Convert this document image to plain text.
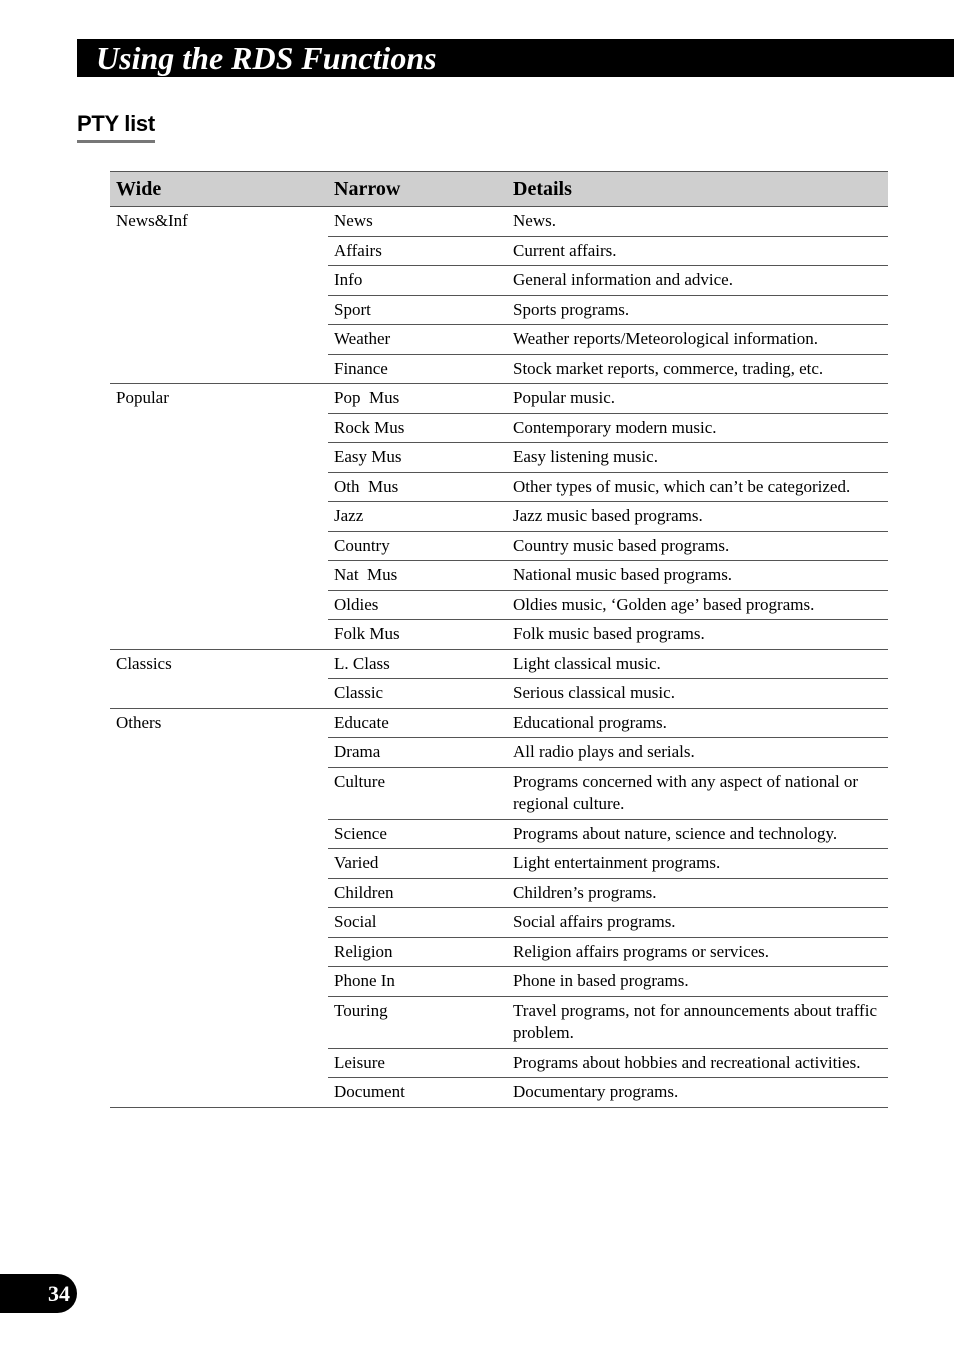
Using the RDS Functions
PTY list
Wide	Narrow	Details
News&Inf	News	News.
	Affairs	Current affairs.
	Info	General information and advice.
	Sport	Sports programs.
	Weather	Weather reports/Meteorological information.
	Finance	Stock market reports, commerce, trading, etc.
Popular	Pop  Mus	Popular music.
	Rock Mus	Contemporary modern music.
	Easy Mus	Easy listening music.
	Oth  Mus	Other types of music, which can’t be categorized.
	Jazz	Jazz music based programs.
	Country	Country music based programs.
	Nat  Mus	National music based programs.
	Oldies	Oldies music, ‘Golden age’ based programs.
	Folk Mus	Folk music based programs.
Classics	L. Class	Light classical music.
	Classic	Serious classical music.
Others	Educate	Educational programs.
	Drama	All radio plays and serials.
	Culture	Programs concerned with any aspect of national or regional culture.
	Science	Programs about nature, science and technology.
	Varied	Light entertainment programs.
	Children	Children’s programs.
	Social	Social affairs programs.
	Religion	Religion affairs programs or services.
	Phone In	Phone in based programs.
	Touring	Travel programs, not for announcements about traffic problem.
	Leisure	Programs about hobbies and recreational activities.
	Document	Documentary programs.
34
